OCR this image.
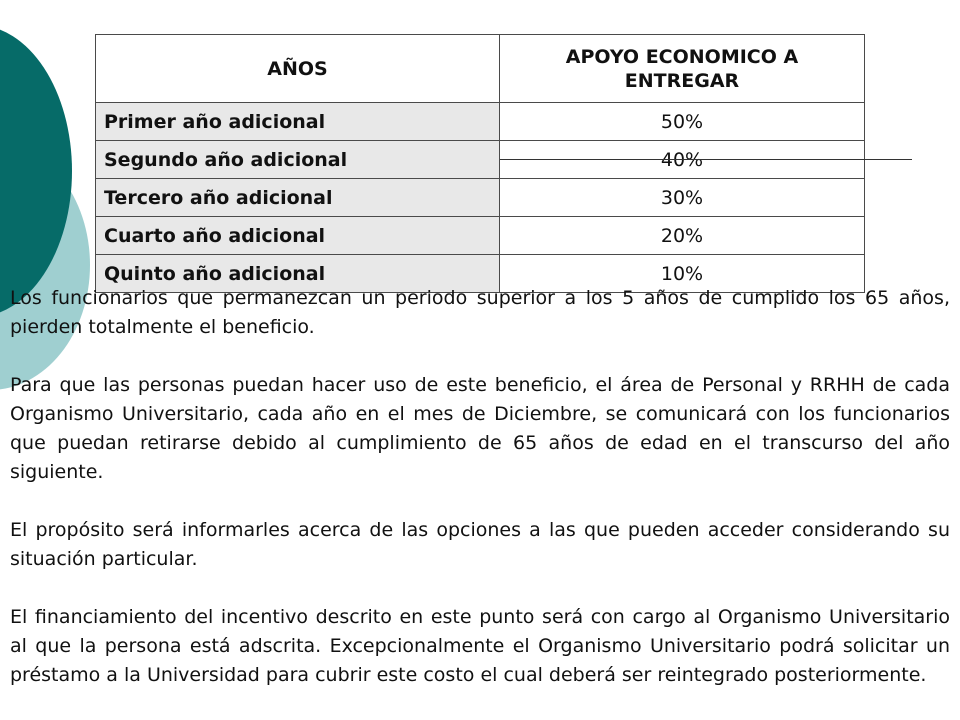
AÑOS	APOYO ECONOMICO A ENTREGAR
Primer año adicional	50%
Segundo año adicional	40%
Tercero año adicional	30%
Cuarto año adicional	20%
Quinto año adicional	10%

Los funcionarios que permanezcan un periodo superior a los 5 años de cumplido los 65 años, pierden totalmente el beneficio.

Para que las personas puedan hacer uso de este beneficio, el área de Personal y RRHH de cada Organismo Universitario, cada año en el mes de Diciembre, se comunicará con los funcionarios que puedan retirarse debido al cumplimiento de 65 años de edad en el transcurso del año siguiente.

El propósito será informarles acerca de las opciones a las que pueden acceder considerando su situación particular.

El financiamiento del incentivo descrito en este punto será con cargo al Organismo Universitario al que la persona está adscrita. Excepcionalmente el Organismo Universitario podrá solicitar un préstamo a la Universidad para cubrir este costo el cual deberá ser reintegrado posteriormente.
